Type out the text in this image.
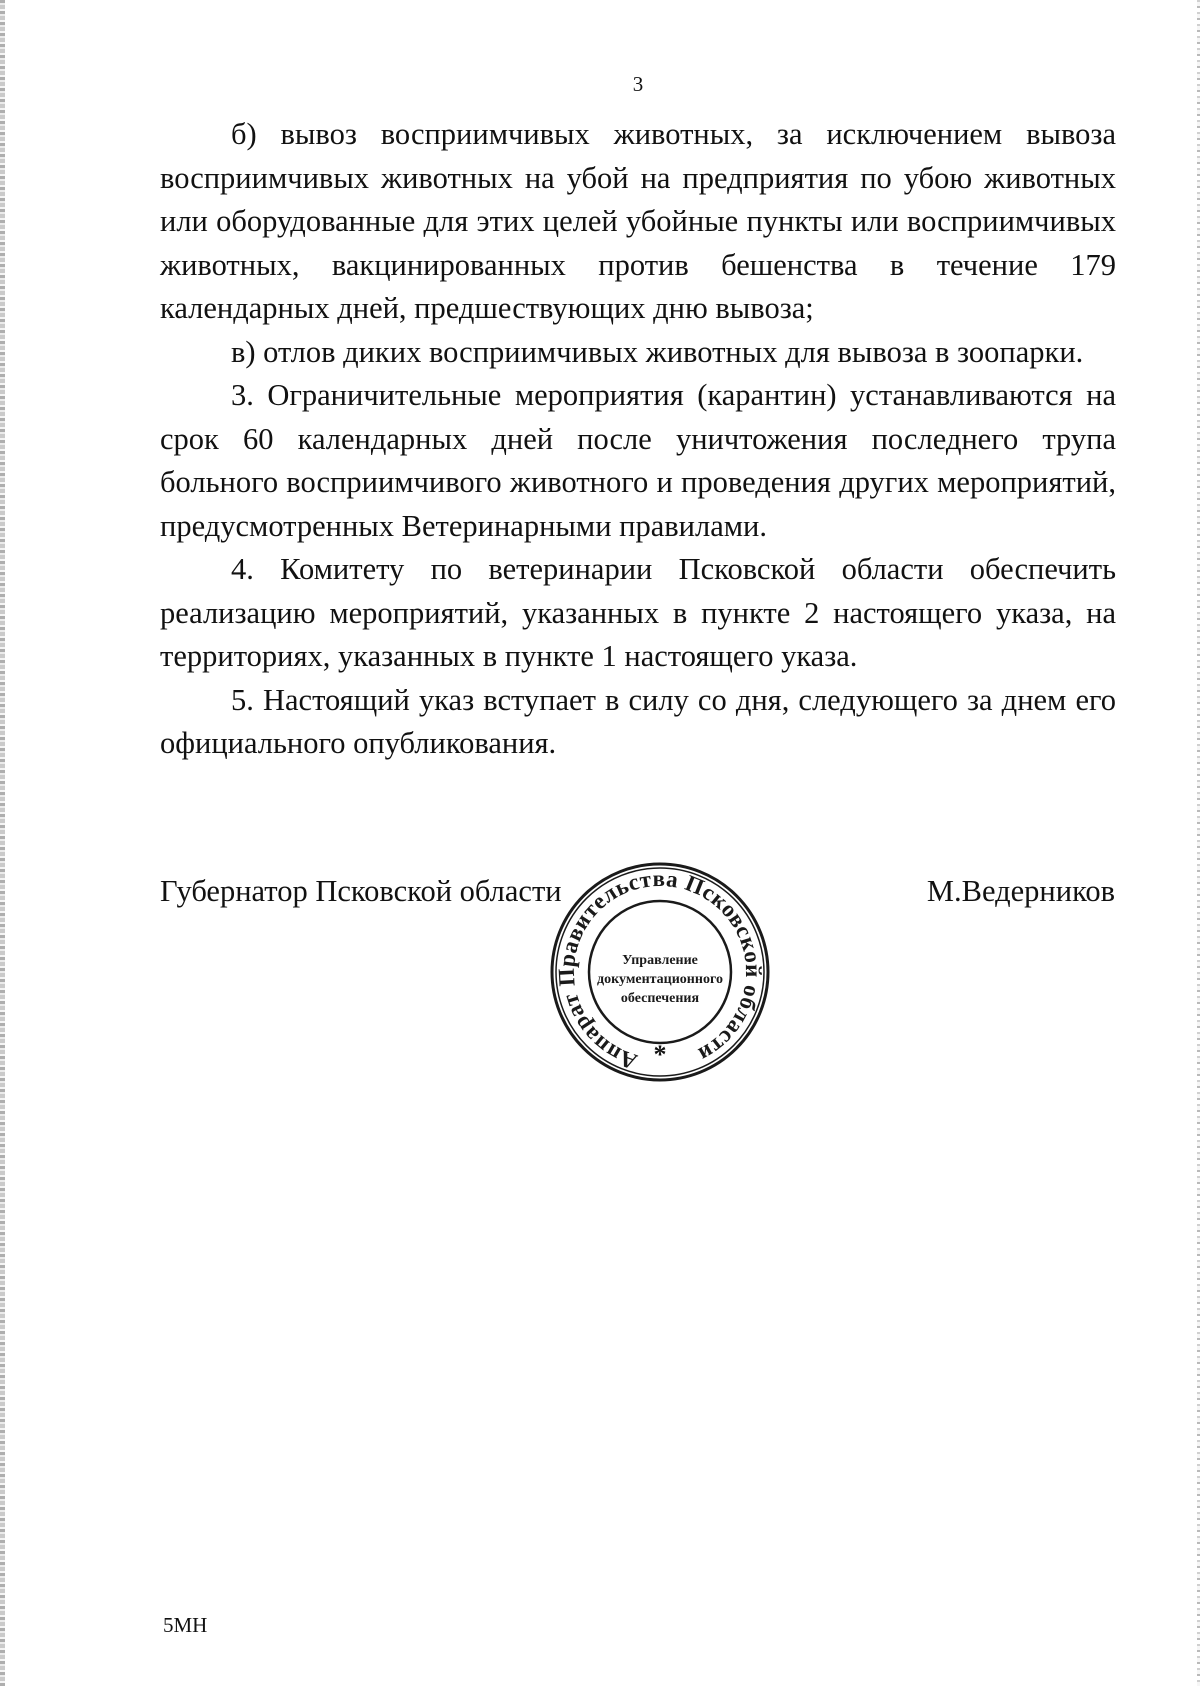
3

б) вывоз восприимчивых животных, за исключением вывоза восприимчивых животных на убой на предприятия по убою животных или оборудованные для этих целей убойные пункты или восприимчивых животных, вакцинированных против бешенства в течение 179 календарных дней, предшествующих дню вывоза;

в) отлов диких восприимчивых животных для вывоза в зоопарки.

3. Ограничительные мероприятия (карантин) устанавливаются на срок 60 календарных дней после уничтожения последнего трупа больного восприимчивого животного и проведения других мероприятий, предусмотренных Ветеринарными правилами.

4. Комитету по ветеринарии Псковской области обеспечить реализацию мероприятий, указанных в пункте 2 настоящего указа, на территориях, указанных в пункте 1 настоящего указа.

5. Настоящий указ вступает в силу со дня, следующего за днем его официального опубликования.

Губернатор Псковской области	М.Ведерников
Аппарат Правительства Псковской области
Управление
документационного
обеспечения
*
5МН
